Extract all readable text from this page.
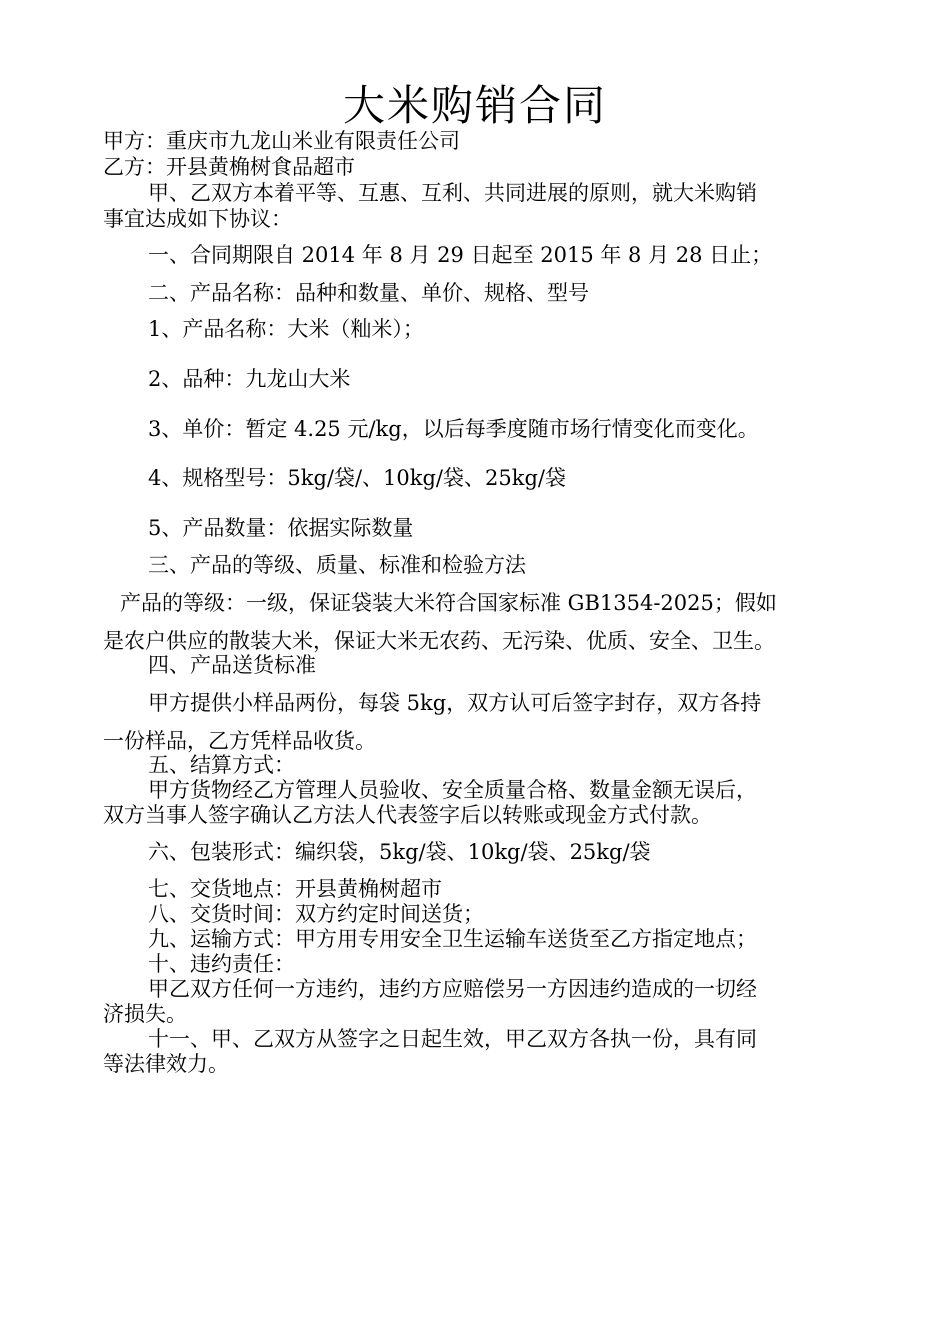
大米购销合同
甲方：重庆市九龙山米业有限责任公司
乙方：开县黄桷树食品超市
甲、乙双方本着平等、互惠、互利、共同进展的原则，就大米购销
事宜达成如下协议：
一、合同期限自 2014 年 8 月 29 日起至 2015 年 8 月 28 日止；
二、产品名称：品种和数量、单价、规格、型号
1、产品名称：大米（籼米）；
2、品种：九龙山大米
3、单价：暂定 4.25 元/kg，以后每季度随市场行情变化而变化。
4、规格型号：5kg/袋/、10kg/袋、25kg/袋
5、产品数量：依据实际数量
三、产品的等级、质量、标准和检验方法
产品的等级：一级，保证袋装大米符合国家标准 GB1354-2025；假如
是农户供应的散装大米，保证大米无农药、无污染、优质、安全、卫生。
四、产品送货标准
甲方提供小样品两份，每袋 5kg，双方认可后签字封存，双方各持
一份样品，乙方凭样品收货。
五、结算方式：
甲方货物经乙方管理人员验收、安全质量合格、数量金额无误后，
双方当事人签字确认乙方法人代表签字后以转账或现金方式付款。
六、包装形式：编织袋，5kg/袋、10kg/袋、25kg/袋
七、交货地点：开县黄桷树超市
八、交货时间：双方约定时间送货；
九、运输方式：甲方用专用安全卫生运输车送货至乙方指定地点；
十、违约责任：
甲乙双方任何一方违约，违约方应赔偿另一方因违约造成的一切经
济损失。
十一、甲、乙双方从签字之日起生效，甲乙双方各执一份，具有同
等法律效力。
